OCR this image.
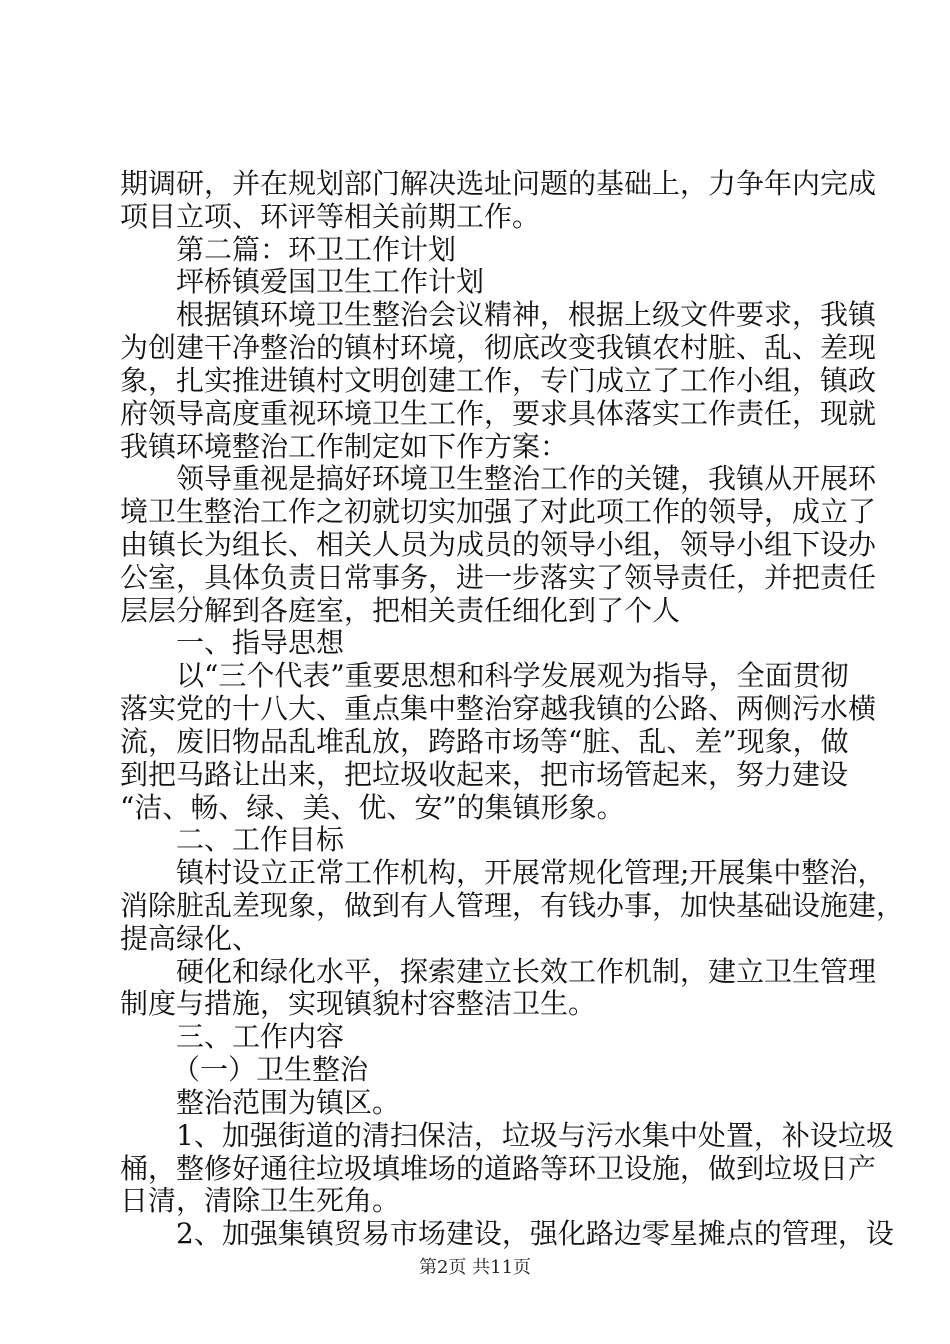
期调研，并在规划部门解决选址问题的基础上，力争年内完成
项目立项、环评等相关前期工作。
第二篇：环卫工作计划
坪桥镇爱国卫生工作计划
根据镇环境卫生整治会议精神，根据上级文件要求，我镇
为创建干净整治的镇村环境，彻底改变我镇农村脏、乱、差现
象，扎实推进镇村文明创建工作，专门成立了工作小组，镇政
府领导高度重视环境卫生工作，要求具体落实工作责任，现就
我镇环境整治工作制定如下作方案：
领导重视是搞好环境卫生整治工作的关键，我镇从开展环
境卫生整治工作之初就切实加强了对此项工作的领导，成立了
由镇长为组长、相关人员为成员的领导小组，领导小组下设办
公室，具体负责日常事务，进一步落实了领导责任，并把责任
层层分解到各庭室，把相关责任细化到了个人
一、指导思想
以“三个代表”重要思想和科学发展观为指导，全面贯彻
落实党的十八大、重点集中整治穿越我镇的公路、两侧污水横
流，废旧物品乱堆乱放，跨路市场等“脏、乱、差”现象，做
到把马路让出来，把垃圾收起来，把市场管起来，努力建设
“洁、畅、绿、美、优、安”的集镇形象。
二、工作目标
镇村设立正常工作机构，开展常规化管理;开展集中整治，
消除脏乱差现象，做到有人管理，有钱办事，加快基础设施建，
提高绿化、
硬化和绿化水平，探索建立长效工作机制，建立卫生管理
制度与措施，实现镇貌村容整洁卫生。
三、工作内容
（一）卫生整治
整治范围为镇区。
1、加强街道的清扫保洁，垃圾与污水集中处置，补设垃圾
桶，整修好通往垃圾填堆场的道路等环卫设施，做到垃圾日产
日清，清除卫生死角。
2、加强集镇贸易市场建设，强化路边零星摊点的管理，设
第2页 共11页
